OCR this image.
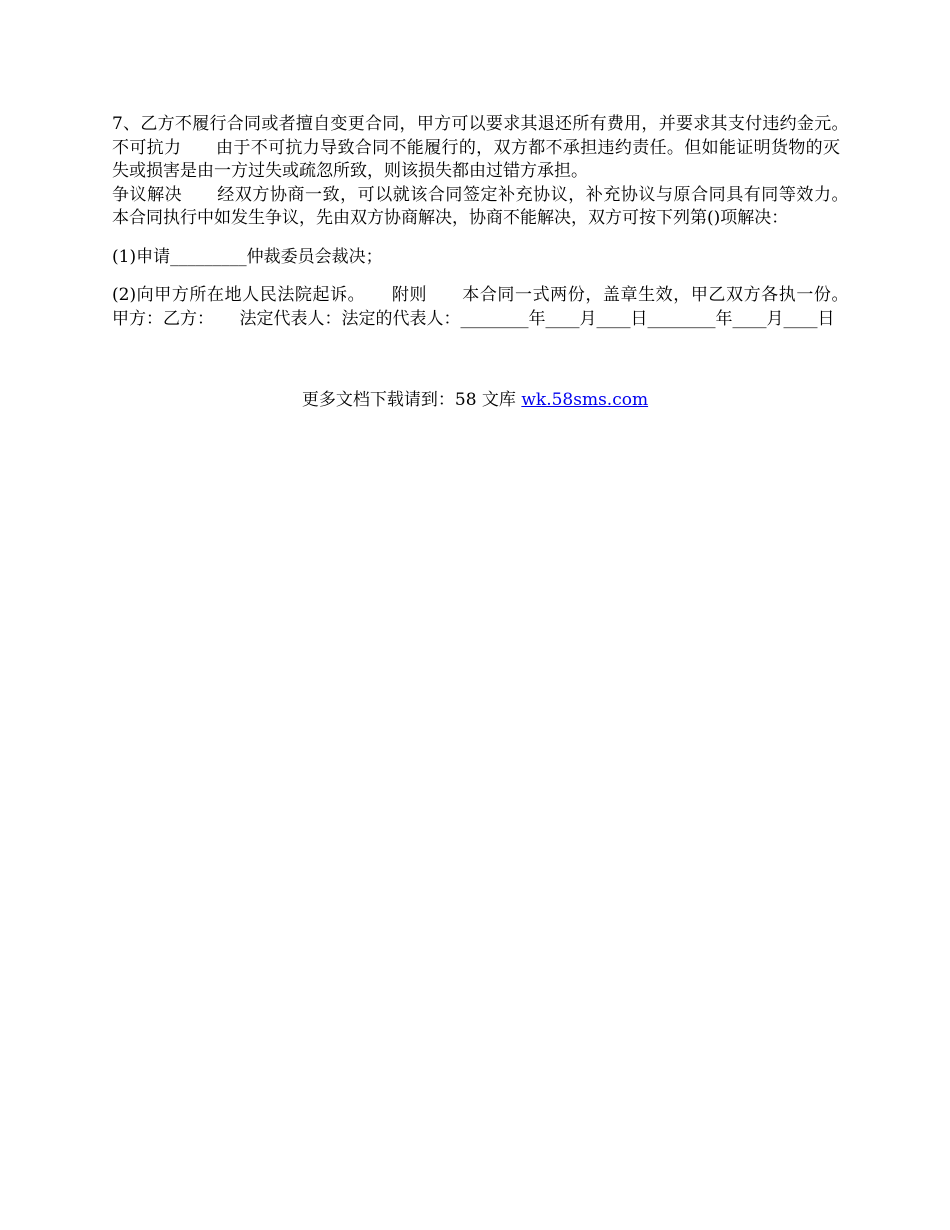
7、乙方不履行合同或者擅自变更合同，甲方可以要求其退还所有费用，并要求其支付违约金元。　　不可抗力　　由于不可抗力导致合同不能履行的，双方都不承担违约责任。但如能证明货物的灭失或损害是由一方过失或疏忽所致，则该损失都由过错方承担。

争议解决　　经双方协商一致，可以就该合同签定补充协议，补充协议与原合同具有同等效力。　　本合同执行中如发生争议，先由双方协商解决，协商不能解决，双方可按下列第()项解决：

(1)申请_________仲裁委员会裁决；

(2)向甲方所在地人民法院起诉。　　附则　　本合同一式两份，盖章生效，甲乙双方各执一份。　　甲方：乙方：　　法定代表人：法定的代表人：________年____月____日________年____月____日

更多文档下载请到：58 文库 wk.58sms.com
